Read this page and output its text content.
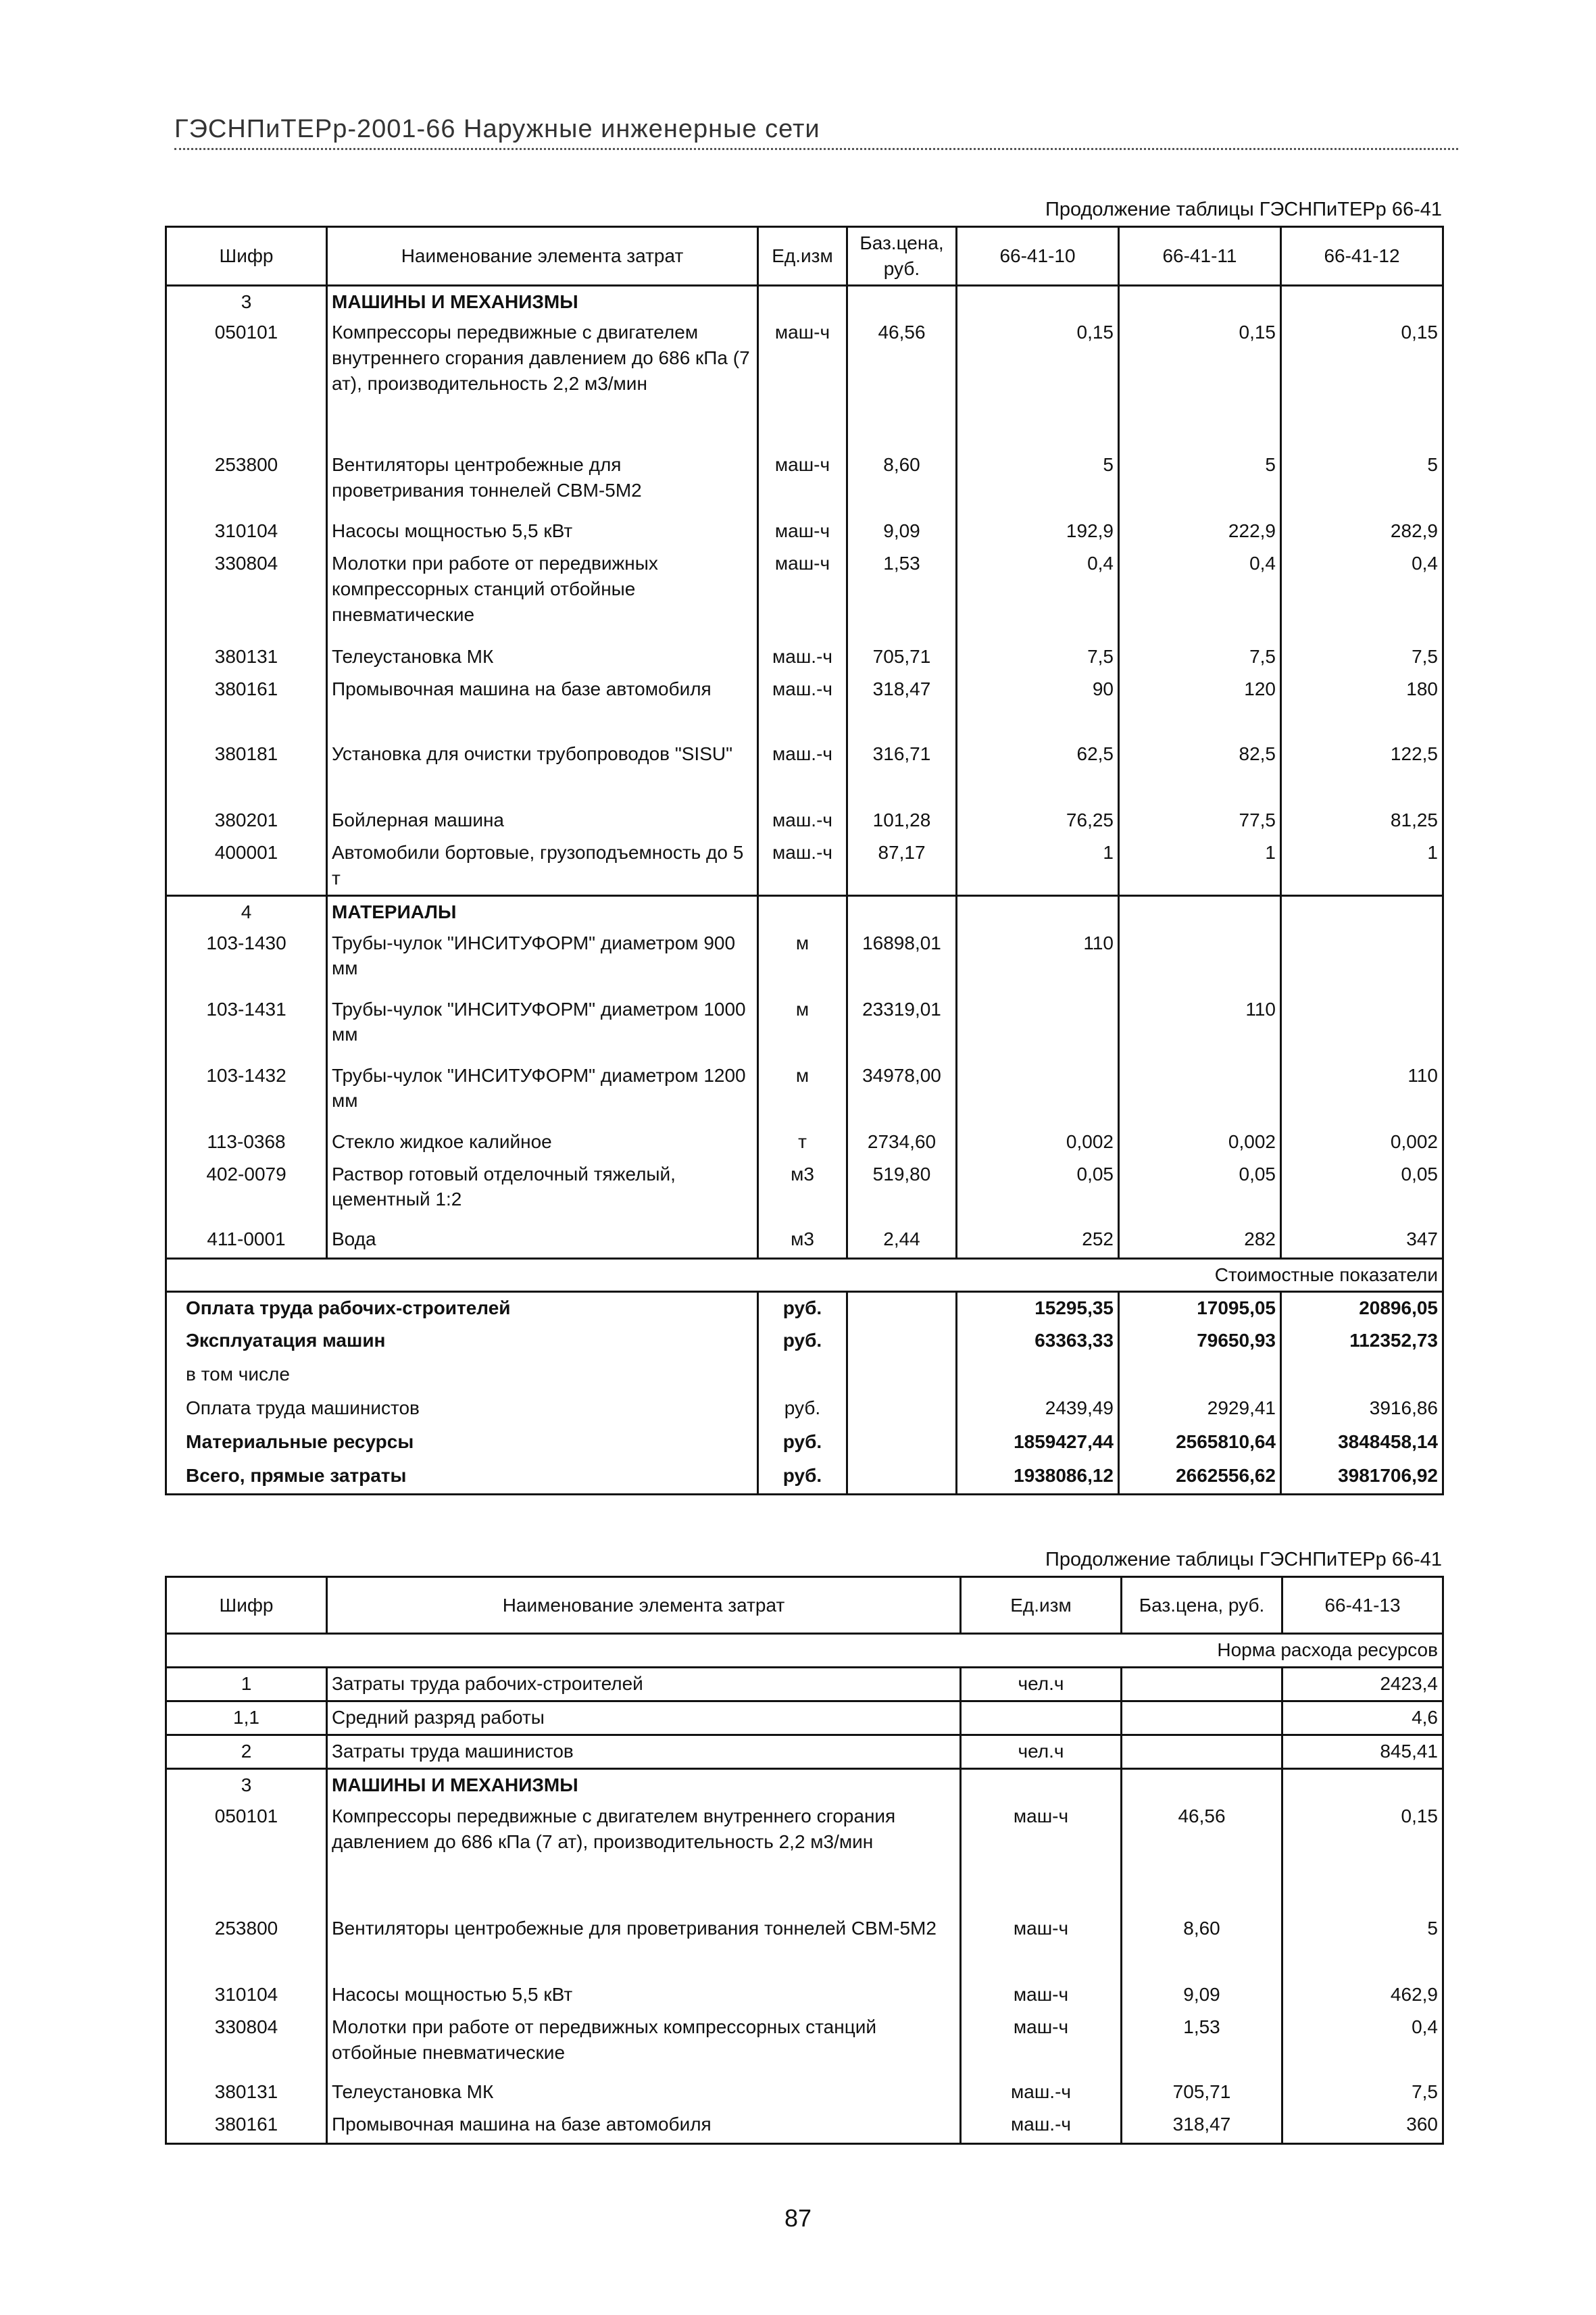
ГЭСНПиТЕРр-2001-66 Наружные инженерные сети
Продолжение таблицы ГЭСНПиТЕРр 66-41
Шифр	Наименование элемента затрат	Ед.изм	Баз.цена, руб.	66-41-10	66-41-11	66-41-12
3	МАШИНЫ И МЕХАНИЗМЫ					
050101	Компрессоры передвижные с двигателем внутреннего сгорания давлением до 686 кПа (7 ат), производительность 2,2 м3/мин	маш-ч	46,56	0,15	0,15	0,15
253800	Вентиляторы центробежные для проветривания тоннелей СВМ-5М2	маш-ч	8,60	5	5	5
310104	Насосы мощностью 5,5 кВт	маш-ч	9,09	192,9	222,9	282,9
330804	Молотки при работе от передвижных компрессорных станций отбойные пневматические	маш-ч	1,53	0,4	0,4	0,4
380131	Телеустановка МК	маш.-ч	705,71	7,5	7,5	7,5
380161	Промывочная машина на базе автомобиля	маш.-ч	318,47	90	120	180
380181	Установка для очистки трубопроводов "SISU"	маш.-ч	316,71	62,5	82,5	122,5
380201	Бойлерная машина	маш.-ч	101,28	76,25	77,5	81,25
400001	Автомобили бортовые, грузоподъемность до 5 т	маш.-ч	87,17	1	1	1
4	МАТЕРИАЛЫ					
103-1430	Трубы-чулок "ИНСИТУФОРМ" диаметром 900 мм	м	16898,01	110		
103-1431	Трубы-чулок "ИНСИТУФОРМ" диаметром 1000 мм	м	23319,01		110	
103-1432	Трубы-чулок "ИНСИТУФОРМ" диаметром 1200 мм	м	34978,00			110
113-0368	Стекло жидкое калийное	т	2734,60	0,002	0,002	0,002
402-0079	Раствор готовый отделочный тяжелый, цементный 1:2	м3	519,80	0,05	0,05	0,05
411-0001	Вода	м3	2,44	252	282	347
Стоимостные показатели						
Оплата труда рабочих-строителей		руб.		15295,35	17095,05	20896,05
Эксплуатация машин		руб.		63363,33	79650,93	112352,73
в том числе						
Оплата труда машинистов		руб.		2439,49	2929,41	3916,86
Материальные ресурсы		руб.		1859427,44	2565810,64	3848458,14
Всего, прямые затраты		руб.		1938086,12	2662556,62	3981706,92
Продолжение таблицы ГЭСНПиТЕРр 66-41
Шифр	Наименование элемента затрат	Ед.изм	Баз.цена, руб.	66-41-13
Норма расхода ресурсов				
1	Затраты труда рабочих-строителей	чел.ч		2423,4
1,1	Средний разряд работы			4,6
2	Затраты труда машинистов	чел.ч		845,41
3	МАШИНЫ И МЕХАНИЗМЫ			
050101	Компрессоры передвижные с двигателем внутреннего сгорания давлением до 686 кПа (7 ат), производительность 2,2 м3/мин	маш-ч	46,56	0,15
253800	Вентиляторы центробежные для проветривания тоннелей СВМ-5М2	маш-ч	8,60	5
310104	Насосы мощностью 5,5 кВт	маш-ч	9,09	462,9
330804	Молотки при работе от передвижных компрессорных станций отбойные пневматические	маш-ч	1,53	0,4
380131	Телеустановка МК	маш.-ч	705,71	7,5
380161	Промывочная машина на базе автомобиля	маш.-ч	318,47	360
87
